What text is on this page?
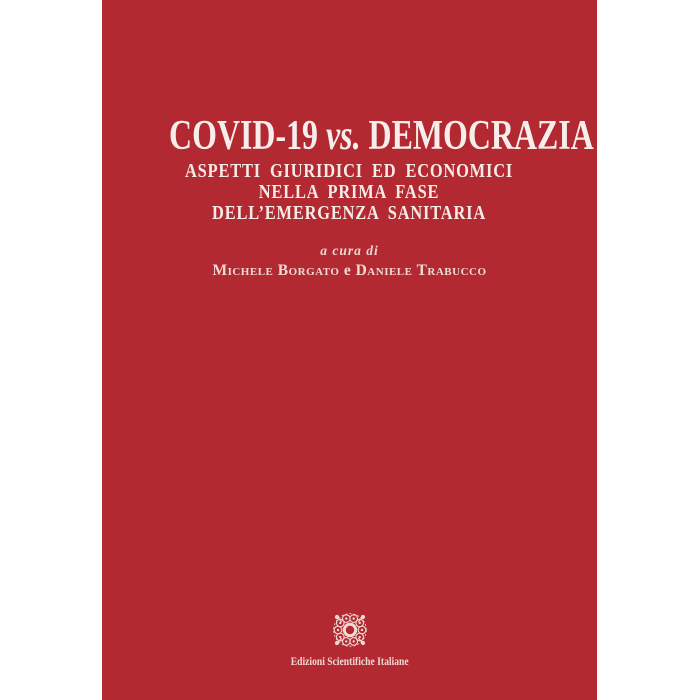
COVID-19 vs. DEMOCRAZIA
ASPETTI GIURIDICI ED ECONOMICI
NELLA PRIMA FASE
DELL’EMERGENZA SANITARIA
a cura di
Michele Borgato e Daniele Trabucco
Edizioni Scientifiche Italiane
